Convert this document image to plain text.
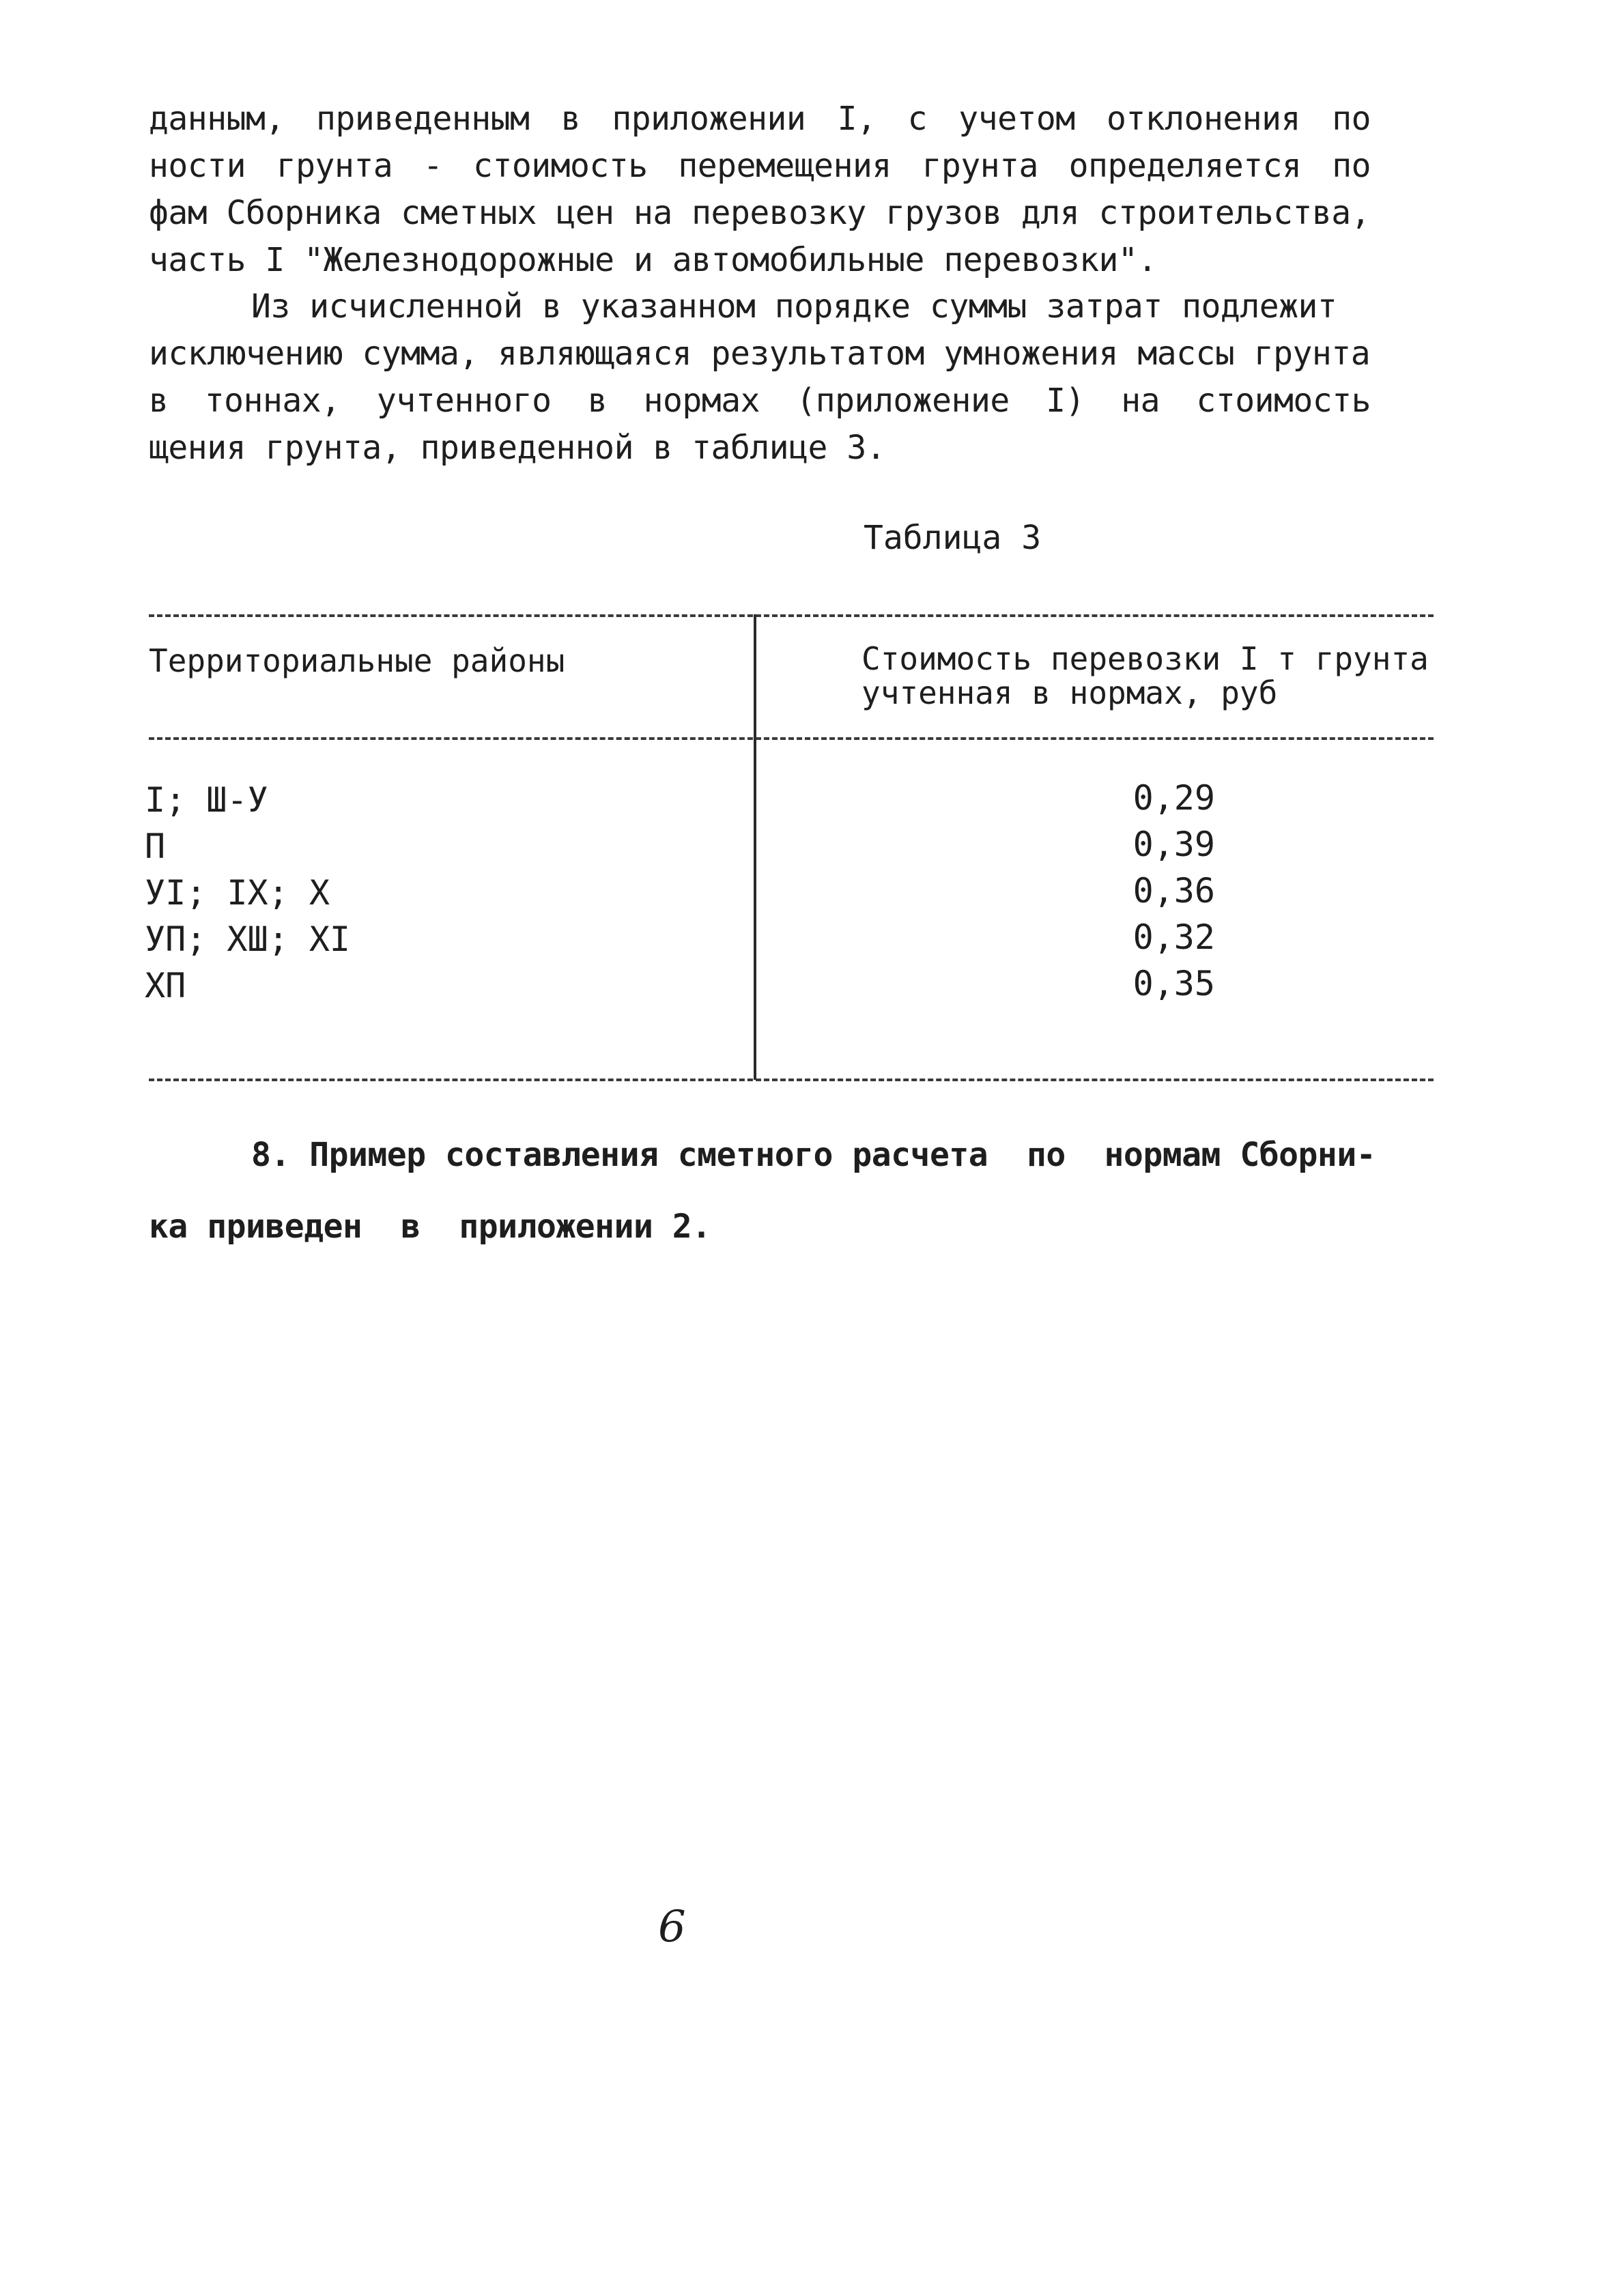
данным, приведенным в приложении I, с учетом отклонения по
ности грунта - стоимость перемещения грунта определяется по
фам Сборника сметных цен на перевозку грузов для строительства,
часть I "Железнодорожные и автомобильные перевозки".
Из исчисленной в указанном порядке суммы затрат подлежит
исключению сумма, являющаяся результатом умножения массы грунта
в тоннах, учтенного в нормах (приложение I) на стоимость
щения грунта, приведенной в таблице 3.
Таблица 3
Территориальные районы	Стоимость перевозки I т грунта
учтенная в нормах, руб
I; Ш-У
П
УI; IX; X
УП; XШ; XI
XП
0,29
0,39
0,36
0,32
0,35
8. Пример составления сметного расчета  по  нормам Сборни-
ка приведен  в  приложении 2.
6
